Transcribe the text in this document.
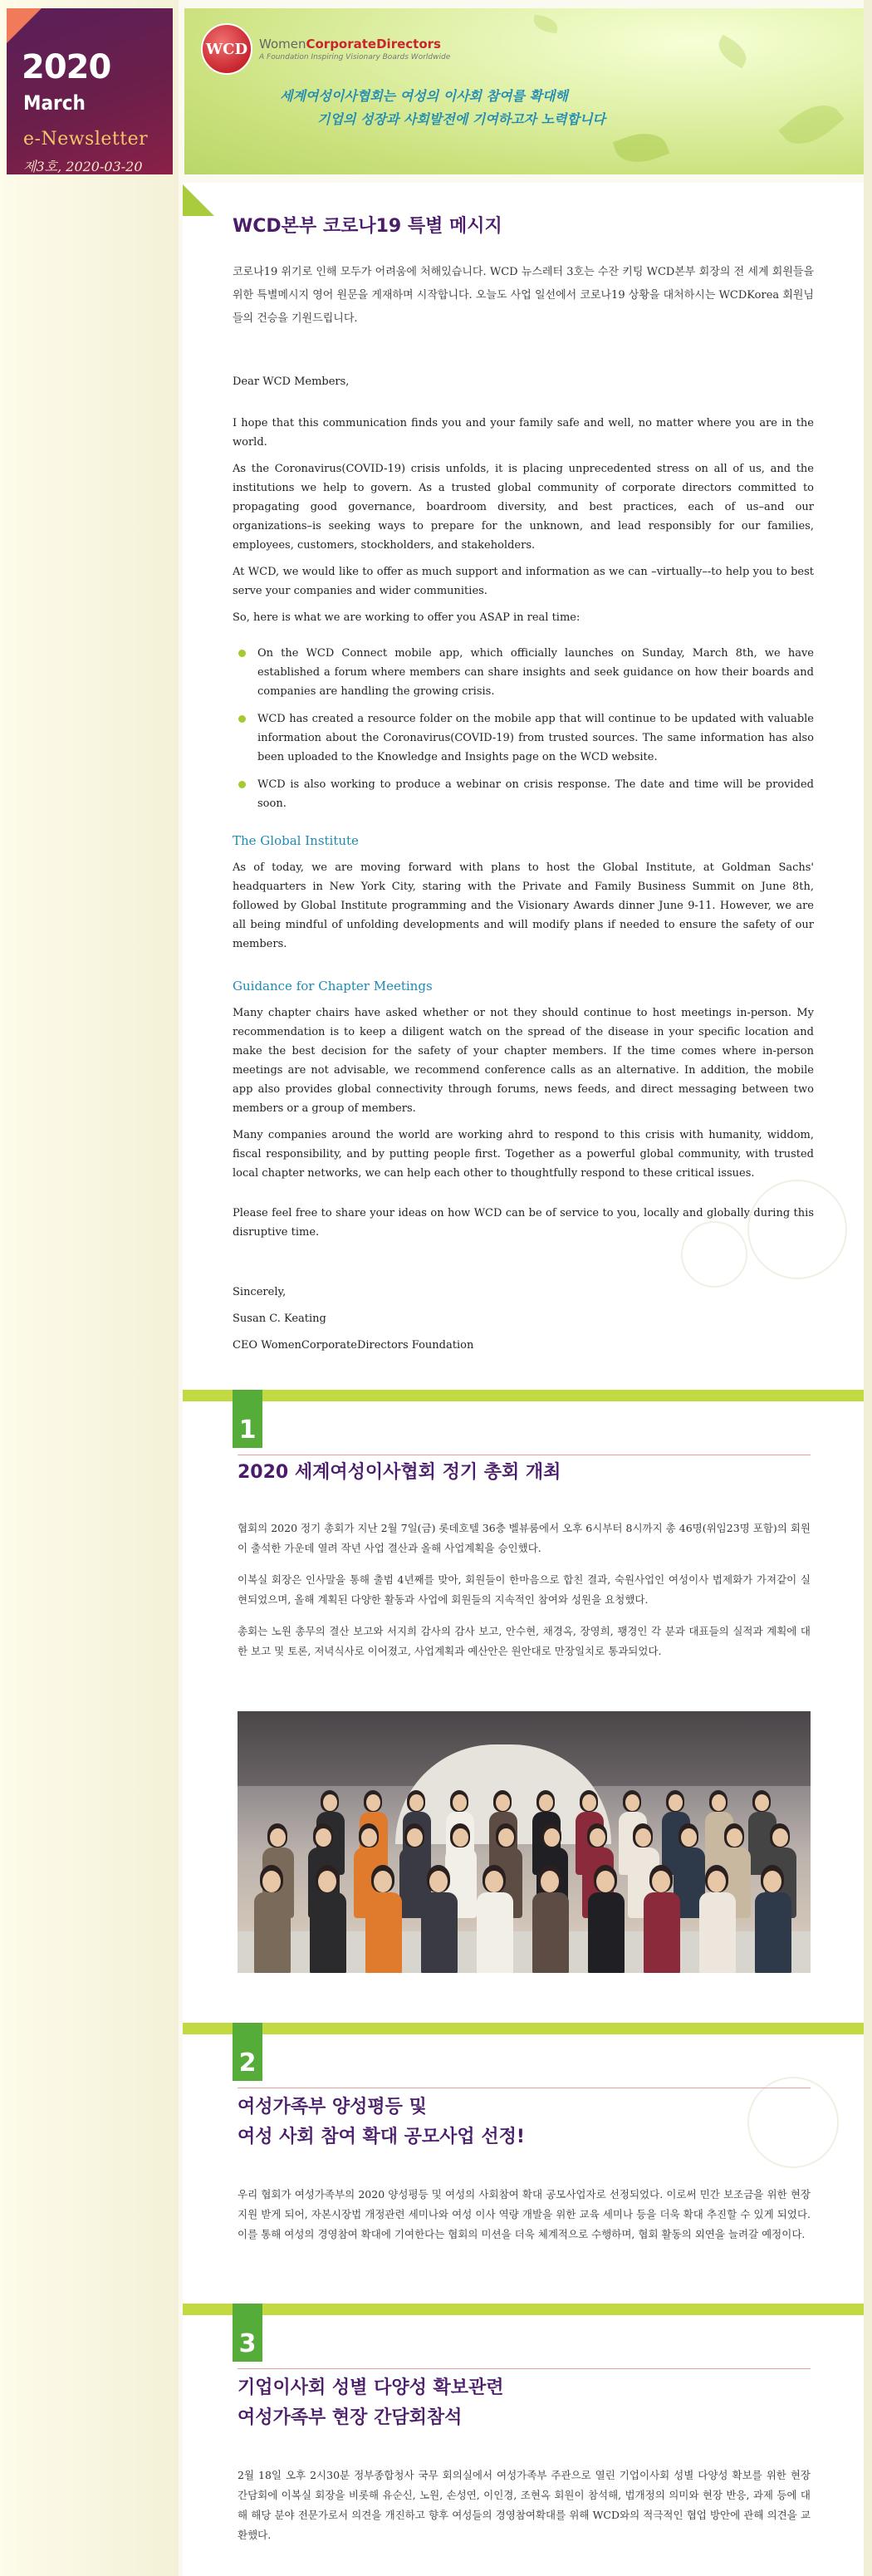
2020
March
e-Newsletter
제3호, 2020-03-20
WCD WomenCorporateDirectors
A Foundation Inspiring Visionary Boards Worldwide
세계여성이사협회는 여성의 이사회 참여를 확대해
기업의 성장과 사회발전에 기여하고자 노력합니다
WCD본부 코로나19 특별 메시지
코로나19 위기로 인해 모두가 어려움에 처해있습니다. WCD 뉴스레터 3호는 수잔 키팅 WCD본부 회장의 전 세계 회원들을 위한 특별메시지 영어 원문을 게재하며 시작합니다. 오늘도 사업 일선에서 코로나19 상황을 대처하시는 WCDKorea 회원님들의 건승을 기원드립니다.
Dear WCD Members,
I hope that this communication finds you and your family safe and well, no matter where you are in the world.
As the Coronavirus(COVID-19) crisis unfolds, it is placing unprecedented stress on all of us, and the institutions we help to govern. As a trusted global community of corporate directors committed to propagating good governance, boardroom diversity, and best practices, each of us–and our organizations–is seeking ways to prepare for the unknown, and lead responsibly for our families, employees, customers, stockholders, and stakeholders.
At WCD, we would like to offer as much support and information as we can –virtually–-to help you to best serve your companies and wider communities.
So, here is what we are working to offer you ASAP in real time:
On the WCD Connect mobile app, which officially launches on Sunday, March 8th, we have established a forum where members can share insights and seek guidance on how their boards and companies are handling the growing crisis.
WCD has created a resource folder on the mobile app that will continue to be updated with valuable information about the Coronavirus(COVID-19) from trusted sources. The same information has also been uploaded to the Knowledge and Insights page on the WCD website.
WCD is also working to produce a webinar on crisis response. The date and time will be provided soon.
The Global Institute
As of today, we are moving forward with plans to host the Global Institute, at Goldman Sachs' headquarters in New York City, staring with the Private and Family Business Summit on June 8th, followed by Global Institute programming and the Visionary Awards dinner June 9-11. However, we are all being mindful of unfolding developments and will modify plans if needed to ensure the safety of our members.
Guidance for Chapter Meetings
Many chapter chairs have asked whether or not they should continue to host meetings in-person. My recommendation is to keep a diligent watch on the spread of the disease in your specific location and make the best decision for the safety of your chapter members. If the time comes where in-person meetings are not advisable, we recommend conference calls as an alternative. In addition, the mobile app also provides global connectivity through forums, news feeds, and direct messaging between two members or a group of members.
Many companies around the world are working ahrd to respond to this crisis with humanity, widdom, fiscal responsibility, and by putting people first. Together as a powerful global community, with trusted local chapter networks, we can help each other to thoughtfully respond to these critical issues.
Please feel free to share your ideas on how WCD can be of service to you, locally and globally during this disruptive time.
Sincerely,
Susan C. Keating
CEO WomenCorporateDirectors Foundation
1
2020 세계여성이사협회 정기 총회 개최

협회의 2020 정기 총회가 지난 2월 7일(금) 롯데호텔 36층 벨뷰룸에서 오후 6시부터 8시까지 총 46명(위임23명 포함)의 회원이 출석한 가운데 열려 작년 사업 결산과 올해 사업계획을 승인했다.

이복실 회장은 인사말을 통해 출범 4년째를 맞아, 회원들이 한마음으로 합친 결과, 숙원사업인 여성이사 법제화가 가져같이 실현되었으며, 올해 계획된 다양한 활동과 사업에 회원들의 지속적인 참여와 성원을 요청했다.

총회는 노원 총무의 결산 보고와 서지희 감사의 감사 보고, 안수현, 채경옥, 장영희, 꽹경인 각 분과 대표들의 실적과 계획에 대한 보고 및 토론, 저녁식사로 이어졌고, 사업계획과 예산안은 원안대로 만장일치로 통과되었다.

2
여성가족부 양성평등 및
여성 사회 참여 확대 공모사업 선정!

우리 협회가 여성가족부의 2020 양성평등 및 여성의 사회참여 확대 공모사업자로 선정되었다. 이로써 민간 보조금을 위한 현장 지원 받게 되어, 자본시장법 개정관련 세미나와 여성 이사 역량 개발을 위한 교육 세미나 등을 더욱 확대 추진할 수 있게 되었다. 이를 통해 여성의 경영참여 확대에 기여한다는 협회의 미션을 더욱 체계적으로 수행하며, 협회 활동의 외연을 늘려갈 예정이다.

3
기업이사회 성별 다양성 확보관련
여성가족부 현장 간담회참석

2월 18일 오후 2시30분 정부종합청사 국무 회의실에서 여성가족부 주관으로 열린 기업이사회 성별 다양성 확보를 위한 현장 간담회에 이복실 회장을 비롯해 유순신, 노원, 손성연, 이인경, 조현옥 회원이 참석해, 법개정의 의미와 현장 반응, 과제 등에 대해 해당 분야 전문가로서 의견을 개진하고 향후 여성들의 경영참여확대를 위해 WCD와의 적극적인 협업 방안에 관해 의견을 교환했다.
